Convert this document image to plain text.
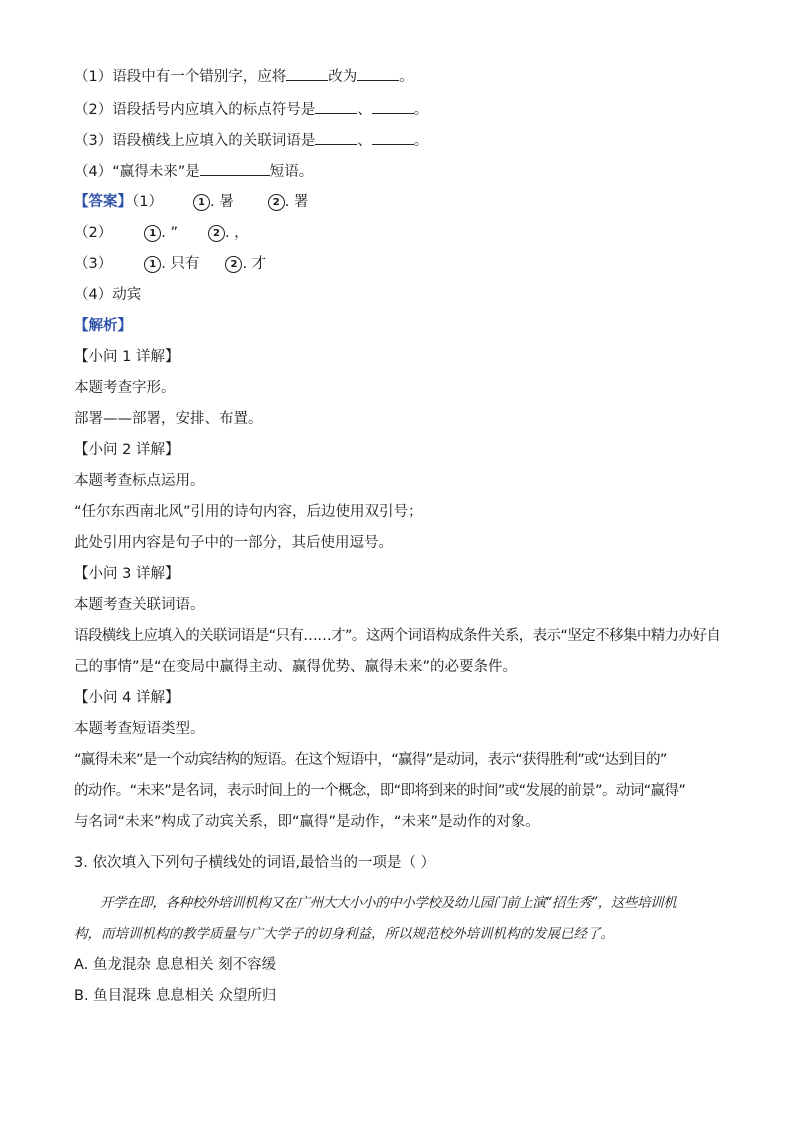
（1）语段中有一个错别字，应将	改为	。
（2）语段括号内应填入的标点符号是	、	。
（3）语段横线上应填入的关联词语是	、	。
（4）“赢得未来”是	短语。
【答案】（1）	1 . 暑	2 . 署
（2）	1 . ”	2 . ，
（3）	1 . 只有	2 . 才
（4）动宾
【解析】
【小问 1 详解】
本题考查字形。
部署——部署，安排、布置。
【小问 2 详解】
本题考查标点运用。
“任尔东西南北风”引用的诗句内容，后边使用双引号；
此处引用内容是句子中的一部分，其后使用逗号。
【小问 3 详解】
本题考查关联词语。
语段横线上应填入的关联词语是“只有……才”。这两个词语构成条件关系，表示“坚定不移集中精力办好自
己的事情”是“在变局中赢得主动、赢得优势、赢得未来”的必要条件。
【小问 4 详解】
本题考查短语类型。
“赢得未来”是一个动宾结构的短语。在这个短语中，“赢得”是动词，表示“获得胜利”或“达到目的”
的动作。“未来”是名词，表示时间上的一个概念，即“即将到来的时间”或“发展的前景”。动词“赢得”
与名词“未来”构成了动宾关系，即“赢得”是动作，“未来”是动作的对象。
3. 依次填入下列句子横线处的词语,最恰当的一项是（ ）
开学在即，各种校外培训机构又在广州大大小小的中小学校及幼儿园门前上演“招生秀”，这些培训机
构，而培训机构的教学质量与广大学子的切身利益，所以规范校外培训机构的发展已经了。
A. 鱼龙混杂 息息相关 刻不容缓
B. 鱼目混珠 息息相关 众望所归
